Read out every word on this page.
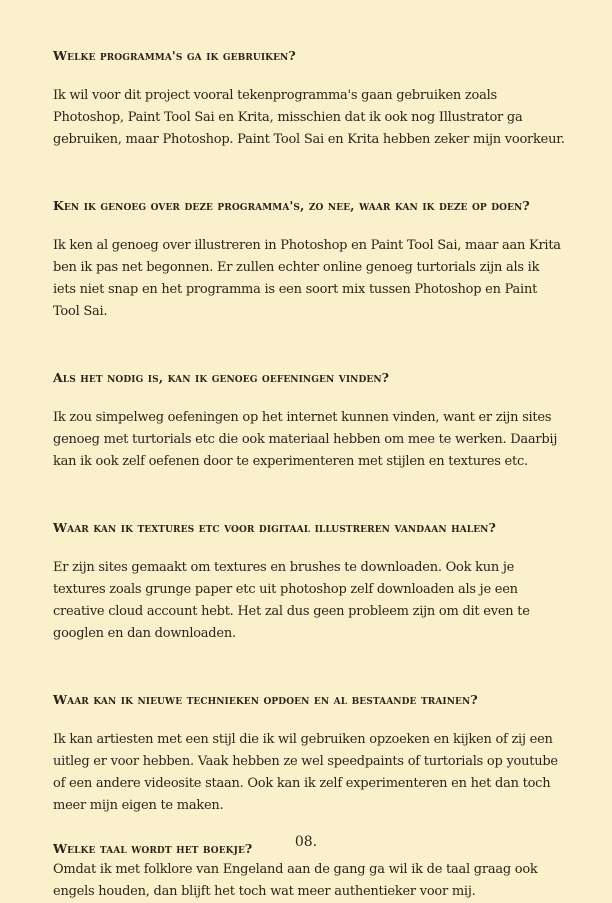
Welke programma's ga ik gebruiken?

Ik wil voor dit project vooral tekenprogramma's gaan gebruiken zoals Photoshop, Paint Tool Sai en Krita, misschien dat ik ook nog Illustrator ga gebruiken, maar Photoshop. Paint Tool Sai en Krita hebben zeker mijn voorkeur.

Ken ik genoeg over deze programma's, zo nee, waar kan ik deze op doen?

Ik ken al genoeg over illustreren in Photoshop en Paint Tool Sai, maar aan Krita ben ik pas net begonnen. Er zullen echter online genoeg turtorials zijn als ik iets niet snap en het programma is een soort mix tussen Photoshop en Paint Tool Sai.

Als het nodig is, kan ik genoeg oefeningen vinden?

Ik zou simpelweg oefeningen op het internet kunnen vinden, want er zijn sites genoeg met turtorials etc die ook materiaal hebben om mee te werken. Daarbij kan ik ook zelf oefenen door te experimenteren met stijlen en textures etc.

Waar kan ik textures etc voor digitaal illustreren vandaan halen?

Er zijn sites gemaakt om textures en brushes te downloaden. Ook kun je textures zoals grunge paper etc uit photoshop zelf downloaden als je een creative cloud account hebt. Het zal dus geen probleem zijn om dit even te googlen en dan downloaden.

Waar kan ik nieuwe technieken opdoen en al bestaande trainen?

Ik kan artiesten met een stijl die ik wil gebruiken opzoeken en kijken of zij een uitleg er voor hebben. Vaak hebben ze wel speedpaints of turtorials op youtube of een andere videosite staan. Ook kan ik zelf experimenteren en het dan toch meer mijn eigen te maken.

Welke taal wordt het boekje?

Omdat ik met folklore van Engeland aan de gang ga wil ik de taal graag ook engels houden, dan blijft het toch wat meer authentieker voor mij.

08.
